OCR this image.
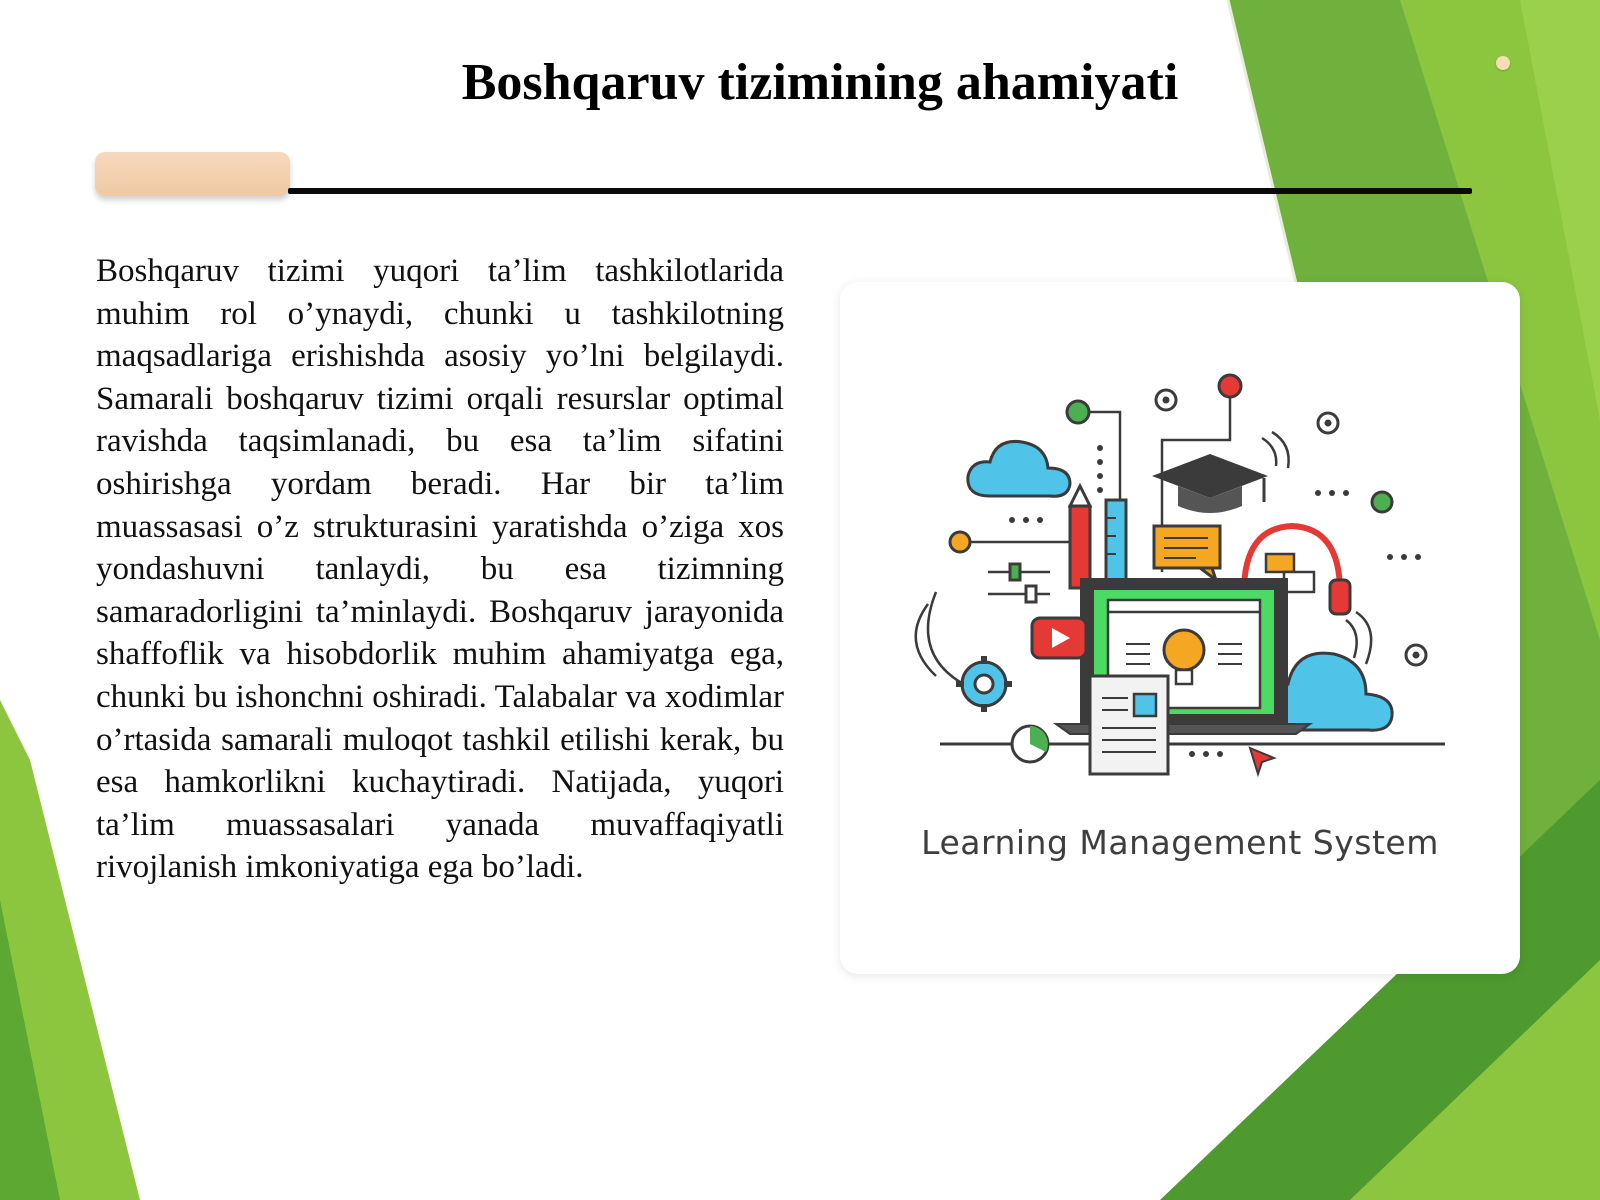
Boshqaruv tizimining ahamiyati

Boshqaruv tizimi yuqori ta’lim tashkilotlarida muhim rol o’ynaydi, chunki u tashkilotning maqsadlariga erishishda asosiy yo’lni belgilaydi. Samarali boshqaruv tizimi orqali resurslar optimal ravishda taqsimlanadi, bu esa ta’lim sifatini oshirishga yordam beradi. Har bir ta’lim muassasasi o’z strukturasini yaratishda o’ziga xos yondashuvni tanlaydi, bu esa tizimning samaradorligini ta’minlaydi. Boshqaruv jarayonida shaffoflik va hisobdorlik muhim ahamiyatga ega, chunki bu ishonchni oshiradi. Talabalar va xodimlar o’rtasida samarali muloqot tashkil etilishi kerak, bu esa hamkorlikni kuchaytiradi. Natijada, yuqori ta’lim muassasalari yanada muvaffaqiyatli rivojlanish imkoniyatiga ega bo’ladi.

Learning Management System
